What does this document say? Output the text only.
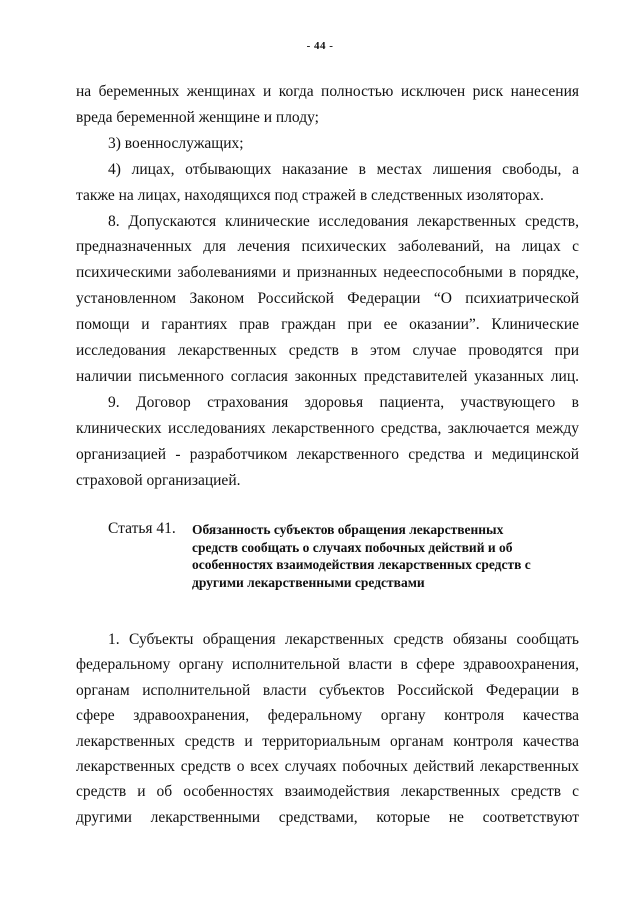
- 44 -
на беременных женщинах и когда полностью исключен риск нанесения
вреда беременной женщине и плоду;
3) военнослужащих;
4) лицах, отбывающих наказание в местах лишения свободы, а
также на лицах, находящихся под стражей в следственных изоляторах.
8. Допускаются клинические исследования лекарственных средств,
предназначенных для лечения психических заболеваний, на лицах с
психическими заболеваниями и признанных недееспособными в порядке,
установленном Законом Российской Федерации “О психиатрической
помощи и гарантиях прав граждан при ее оказании”. Клинические
исследования лекарственных средств в этом случае проводятся при
наличии письменного согласия законных представителей указанных лиц.
9. Договор страхования здоровья пациента, участвующего в
клинических исследованиях лекарственного средства, заключается между
организацией - разработчиком лекарственного средства и медицинской
страховой организацией.
Статья 41. Обязанность субъектов обращения лекарственных
средств сообщать о случаях побочных действий и об
особенностях взаимодействия лекарственных средств с
другими лекарственными средствами
1. Субъекты обращения лекарственных средств обязаны сообщать
федеральному органу исполнительной власти в сфере здравоохранения,
органам исполнительной власти субъектов Российской Федерации в
сфере здравоохранения, федеральному органу контроля качества
лекарственных средств и территориальным органам контроля качества
лекарственных средств о всех случаях побочных действий лекарственных
средств и об особенностях взаимодействия лекарственных средств с
другими лекарственными средствами, которые не соответствуют
